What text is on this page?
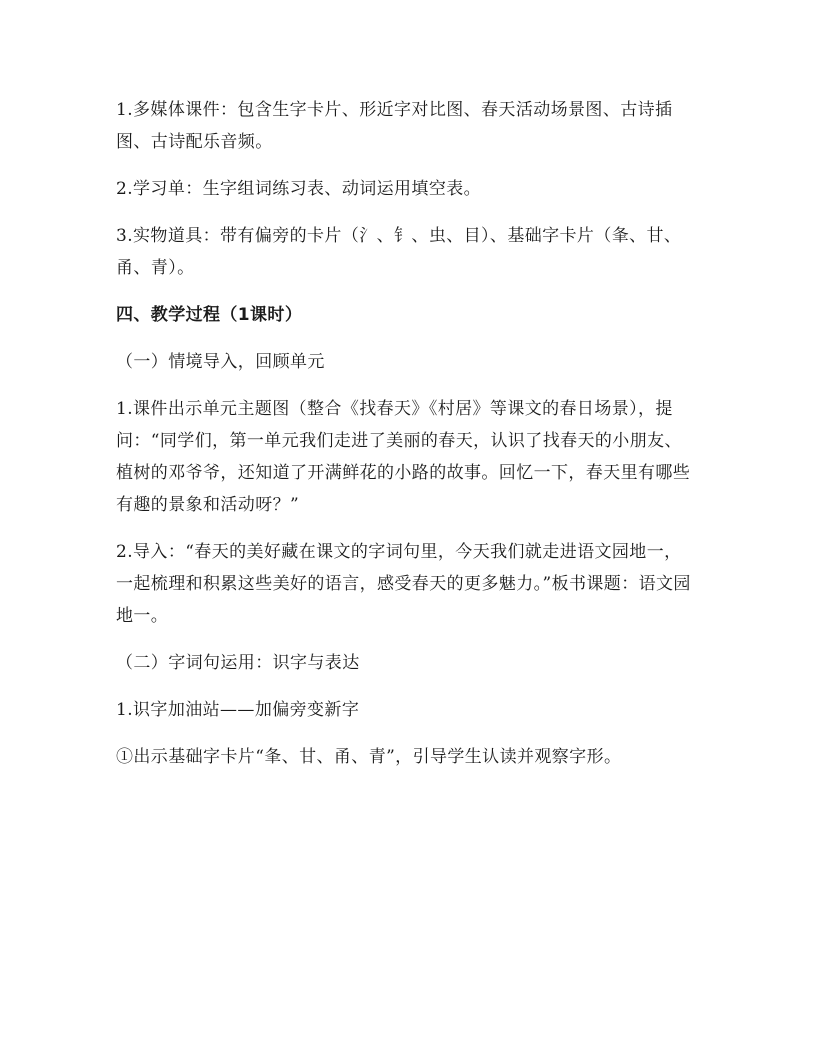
1.多媒体课件：包含生字卡片、形近字对比图、春天活动场景图、古诗插图、古诗配乐音频。

2.学习单：生字组词练习表、动词运用填空表。

3.实物道具：带有偏旁的卡片（氵、钅、虫、目）、基础字卡片（夆、甘、甬、青）。

四、教学过程（1课时）

（一）情境导入，回顾单元

1.课件出示单元主题图（整合《找春天》《村居》等课文的春日场景），提问：“同学们，第一单元我们走进了美丽的春天，认识了找春天的小朋友、植树的邓爷爷，还知道了开满鲜花的小路的故事。回忆一下，春天里有哪些有趣的景象和活动呀？”

2.导入：“春天的美好藏在课文的字词句里，今天我们就走进语文园地一，一起梳理和积累这些美好的语言，感受春天的更多魅力。”板书课题：语文园地一。

（二）字词句运用：识字与表达

1.识字加油站——加偏旁变新字

①出示基础字卡片“夆、甘、甬、青”，引导学生认读并观察字形。
